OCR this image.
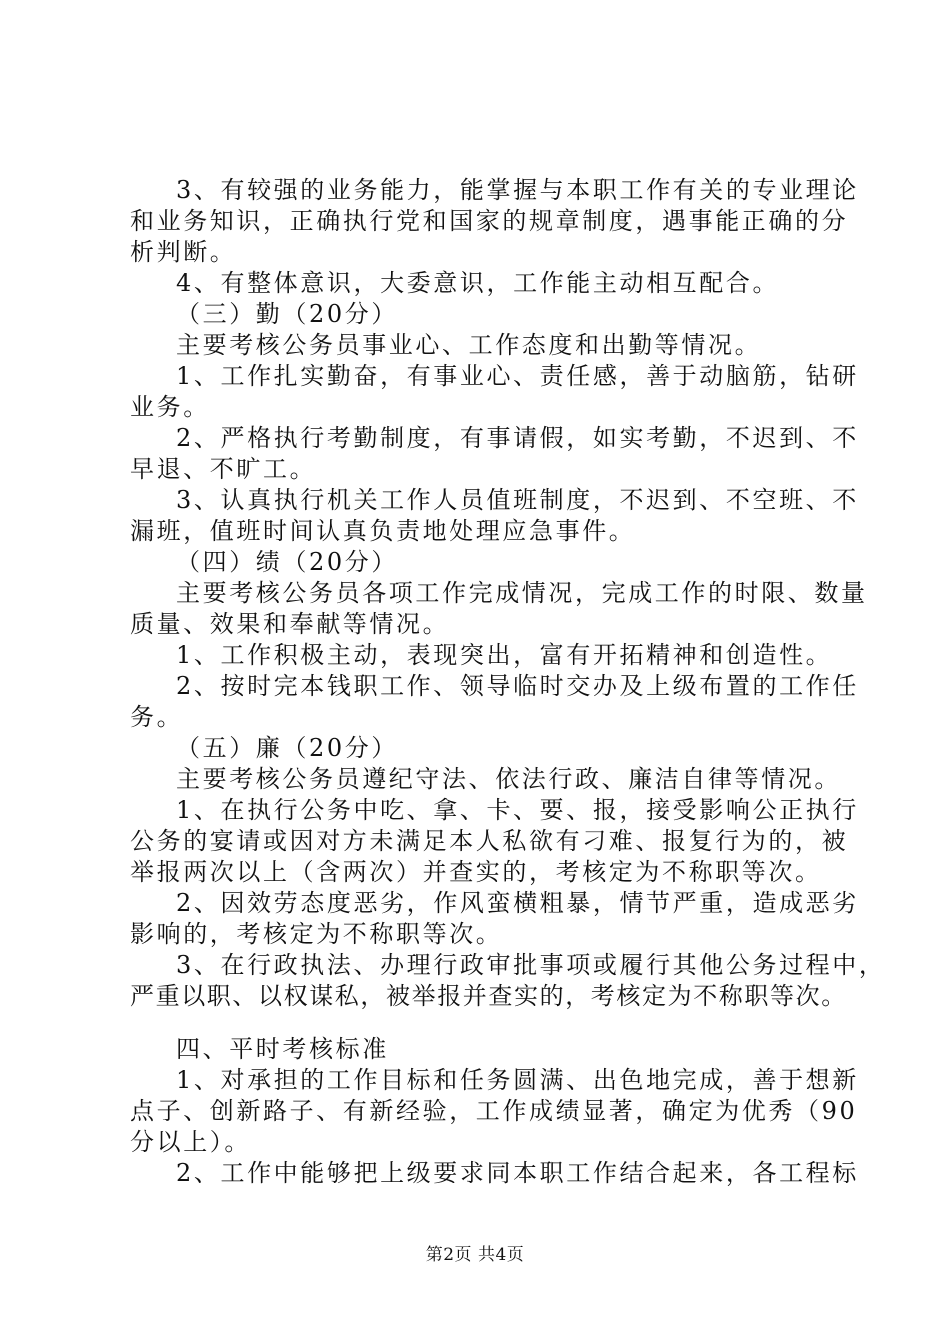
3、有较强的业务能力，能掌握与本职工作有关的专业理论
和业务知识，正确执行党和国家的规章制度，遇事能正确的分
析判断。
4、有整体意识，大委意识，工作能主动相互配合。
（三）勤（20分）
主要考核公务员事业心、工作态度和出勤等情况。
1、工作扎实勤奋，有事业心、责任感，善于动脑筋，钻研
业务。
2、严格执行考勤制度，有事请假，如实考勤，不迟到、不
早退、不旷工。
3、认真执行机关工作人员值班制度，不迟到、不空班、不
漏班，值班时间认真负责地处理应急事件。
（四）绩（20分）
主要考核公务员各项工作完成情况，完成工作的时限、数量
质量、效果和奉献等情况。
1、工作积极主动，表现突出，富有开拓精神和创造性。
2、按时完本钱职工作、领导临时交办及上级布置的工作任
务。
（五）廉（20分）
主要考核公务员遵纪守法、依法行政、廉洁自律等情况。
1、在执行公务中吃、拿、卡、要、报，接受影响公正执行
公务的宴请或因对方未满足本人私欲有刁难、报复行为的，被
举报两次以上（含两次）并查实的，考核定为不称职等次。
2、因效劳态度恶劣，作风蛮横粗暴，情节严重，造成恶劣
影响的，考核定为不称职等次。
3、在行政执法、办理行政审批事项或履行其他公务过程中，
严重以职、以权谋私，被举报并查实的，考核定为不称职等次。
四、平时考核标准
1、对承担的工作目标和任务圆满、出色地完成，善于想新
点子、创新路子、有新经验，工作成绩显著，确定为优秀（90
分以上）。
2、工作中能够把上级要求同本职工作结合起来，各工程标
第2页 共4页
